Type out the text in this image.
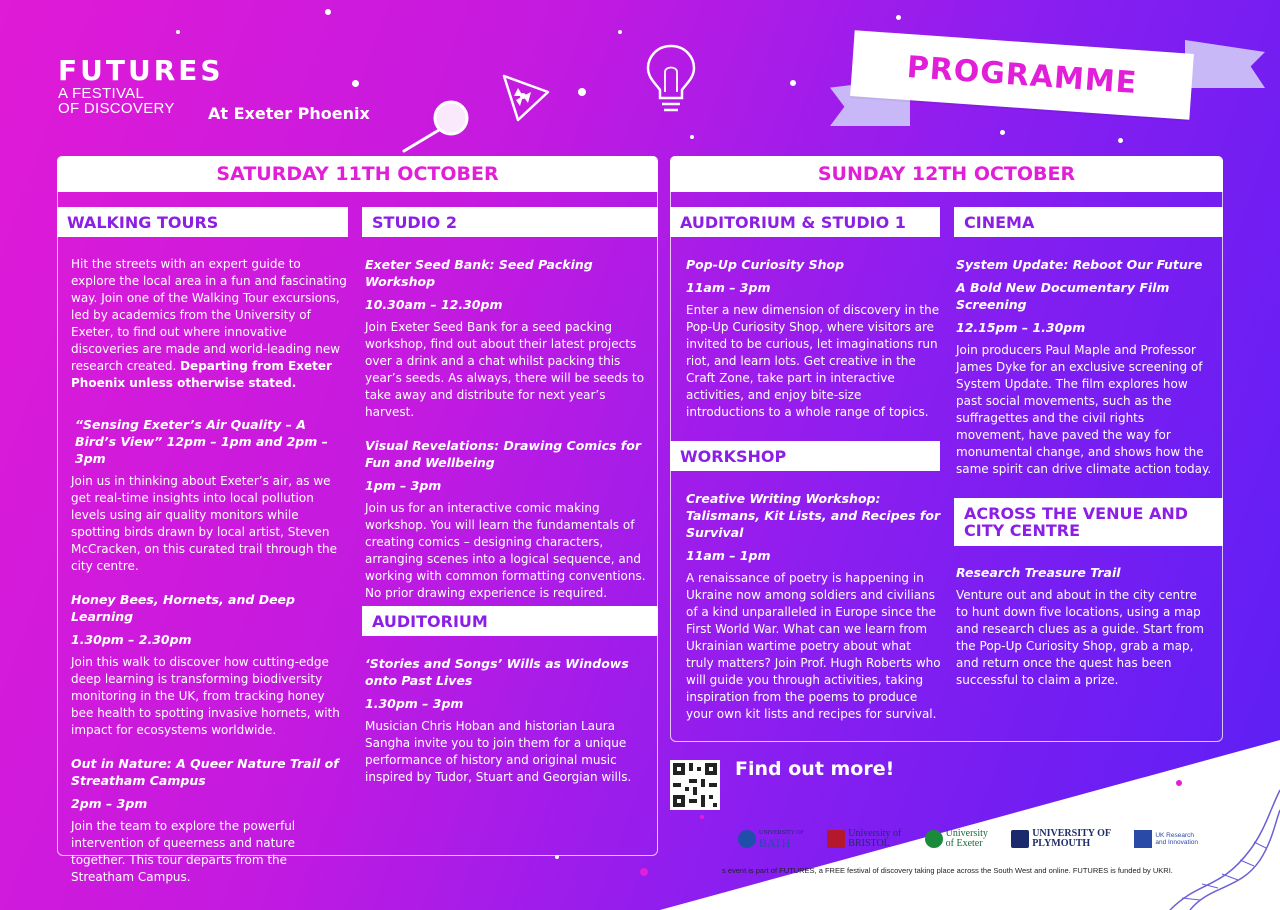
FUTURES
A FESTIVAL
OF DISCOVERY	At Exeter Phoenix
PROGRAMME
SATURDAY 11TH OCTOBER
WALKING TOURS

Hit the streets with an expert guide to explore the local area in a fun and fascinating way. Join one of the Walking Tour excursions, led by academics from the University of Exeter, to find out where innovative discoveries are made and world-leading new research created. Departing from Exeter Phoenix unless otherwise stated.

“Sensing Exeter’s Air Quality – A Bird’s View” 12pm – 1pm and 2pm – 3pm

Join us in thinking about Exeter’s air, as we get real-time insights into local pollution levels using air quality monitors while spotting birds drawn by local artist, Steven McCracken, on this curated trail through the city centre.

Honey Bees, Hornets, and Deep Learning

1.30pm – 2.30pm

Join this walk to discover how cutting-edge deep learning is transforming biodiversity monitoring in the UK, from tracking honey bee health to spotting invasive hornets, with impact for ecosystems worldwide.

Out in Nature: A Queer Nature Trail of Streatham Campus

2pm – 3pm

Join the team to explore the powerful intervention of queerness and nature together. This tour departs from the Streatham Campus.

STUDIO 2

Exeter Seed Bank: Seed Packing Workshop

10.30am – 12.30pm

Join Exeter Seed Bank for a seed packing workshop, find out about their latest projects over a drink and a chat whilst packing this year’s seeds. As always, there will be seeds to take away and distribute for next year’s harvest.

Visual Revelations: Drawing Comics for Fun and Wellbeing

1pm – 3pm

Join us for an interactive comic making workshop. You will learn the fundamentals of creating comics – designing characters, arranging scenes into a logical sequence, and working with common formatting conventions. No prior drawing experience is required.

AUDITORIUM

‘Stories and Songs’ Wills as Windows onto Past Lives

1.30pm – 3pm

Musician Chris Hoban and historian Laura Sangha invite you to join them for a unique performance of history and original music inspired by Tudor, Stuart and Georgian wills.

SUNDAY 12TH OCTOBER
AUDITORIUM & STUDIO 1

Pop-Up Curiosity Shop

11am – 3pm

Enter a new dimension of discovery in the Pop-Up Curiosity Shop, where visitors are invited to be curious, let imaginations run riot, and learn lots. Get creative in the Craft Zone, take part in interactive activities, and enjoy bite-size introductions to a whole range of topics.

WORKSHOP

Creative Writing Workshop: Talismans, Kit Lists, and Recipes for Survival

11am – 1pm

A renaissance of poetry is happening in Ukraine now among soldiers and civilians of a kind unparalleled in Europe since the First World War. What can we learn from Ukrainian wartime poetry about what truly matters? Join Prof. Hugh Roberts who will guide you through activities, taking inspiration from the poems to produce your own kit lists and recipes for survival.

CINEMA

System Update: Reboot Our Future

A Bold New Documentary Film Screening

12.15pm – 1.30pm

Join producers Paul Maple and Professor James Dyke for an exclusive screening of System Update. The film explores how past social movements, such as the suffragettes and the civil rights movement, have paved the way for monumental change, and shows how the same spirit can drive climate action today.

ACROSS THE VENUE AND
CITY CENTRE

Research Treasure Trail

Venture out and about in the city centre to hunt down five locations, using a map and research clues as a guide. Start from the Pop-Up Curiosity Shop, grab a map, and return once the quest has been successful to claim a prize.

Find out more!
UNIVERSITY OF
BATH
University of
BRISTOL
University
of Exeter
UNIVERSITY OF
PLYMOUTH
UK Research
and Innovation
s event is part of FUTURES, a FREE festival of discovery taking place across the South West and online. FUTURES is funded by UKRI.
